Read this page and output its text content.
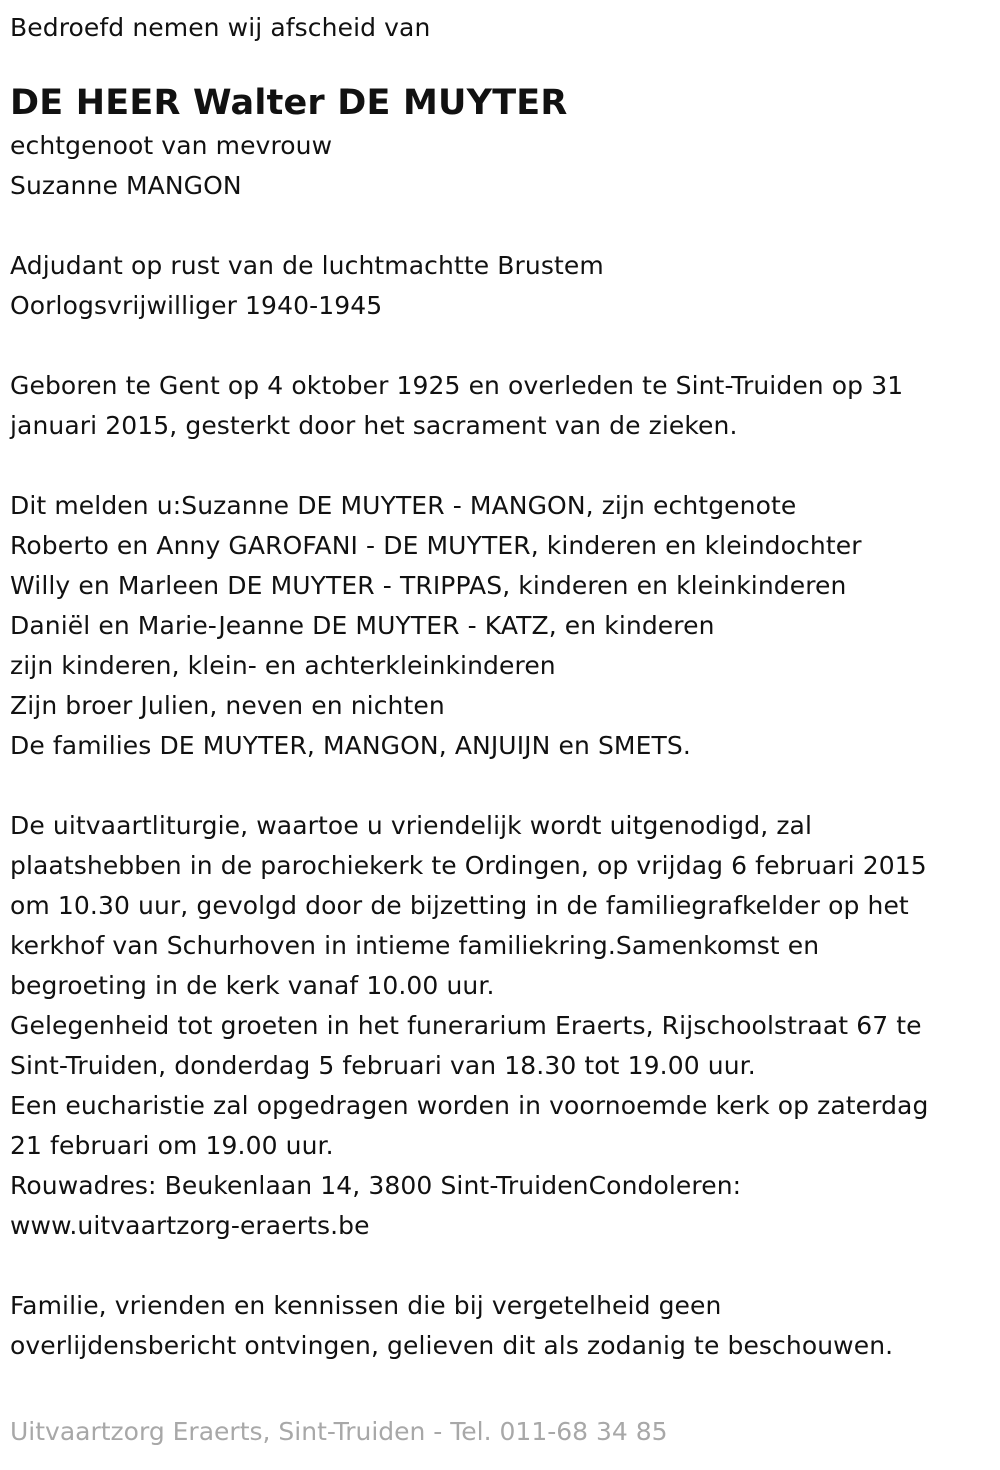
Bedroefd nemen wij afscheid van

DE HEER Walter DE MUYTER

echtgenoot van mevrouw

Suzanne MANGON

Adjudant op rust van de luchtmachtte Brustem

Oorlogsvrijwilliger 1940-1945

Geboren te Gent op 4 oktober 1925 en overleden te Sint-Truiden op 31

januari 2015, gesterkt door het sacrament van de zieken.

Dit melden u:Suzanne DE MUYTER - MANGON, zijn echtgenote

Roberto en Anny GAROFANI - DE MUYTER, kinderen en kleindochter

Willy en Marleen DE MUYTER - TRIPPAS, kinderen en kleinkinderen

Daniël en Marie-Jeanne DE MUYTER - KATZ, en kinderen

zijn kinderen, klein- en achterkleinkinderen

Zijn broer Julien, neven en nichten

De families DE MUYTER, MANGON, ANJUIJN en SMETS.

De uitvaartliturgie, waartoe u vriendelijk wordt uitgenodigd, zal

plaatshebben in de parochiekerk te Ordingen, op vrijdag 6 februari 2015

om 10.30 uur, gevolgd door de bijzetting in de familiegrafkelder op het

kerkhof van Schurhoven in intieme familiekring.Samenkomst en

begroeting in de kerk vanaf 10.00 uur.

Gelegenheid tot groeten in het funerarium Eraerts, Rijschoolstraat 67 te

Sint-Truiden, donderdag 5 februari van 18.30 tot 19.00 uur.

Een eucharistie zal opgedragen worden in voornoemde kerk op zaterdag

21 februari om 19.00 uur.

Rouwadres: Beukenlaan 14, 3800 Sint-TruidenCondoleren:

www.uitvaartzorg-eraerts.be

Familie, vrienden en kennissen die bij vergetelheid geen

overlijdensbericht ontvingen, gelieven dit als zodanig te beschouwen.

Uitvaartzorg Eraerts, Sint-Truiden - Tel. 011-68 34 85
